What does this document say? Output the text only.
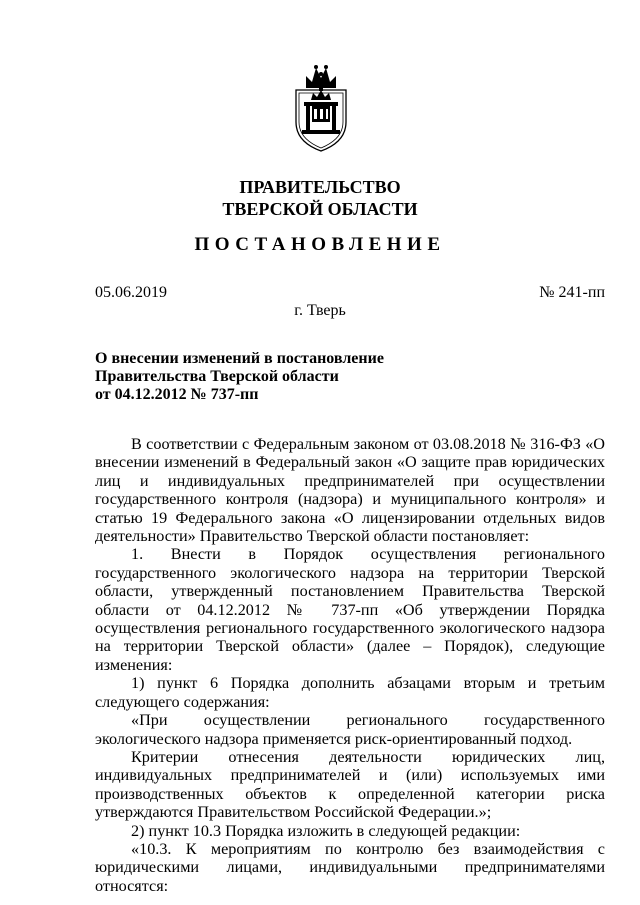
ПРАВИТЕЛЬСТВО
ТВЕРСКОЙ ОБЛАСТИ
ПОСТАНОВЛЕНИЕ
05.06.2019	№ 241-пп
г. Тверь
О внесении изменений в постановление
Правительства Тверской области
от 04.12.2012 № 737-пп

В соответствии с Федеральным законом от 03.08.2018 № 316-ФЗ «О внесении изменений в Федеральный закон «О защите прав юридических лиц и индивидуальных предпринимателей при осуществлении государственного контроля (надзора) и муниципального контроля» и статью 19 Федерального закона «О лицензировании отдельных видов деятельности» Правительство Тверской области постановляет:

1. Внести в Порядок осуществления регионального государственного экологического надзора на территории Тверской области, утвержденный постановлением Правительства Тверской области от 04.12.2012 № 737-пп «Об утверждении Порядка осуществления регионального государственного экологического надзора на территории Тверской области» (далее – Порядок), следующие изменения:

1) пункт 6 Порядка дополнить абзацами вторым и третьим следующего содержания:

«При осуществлении регионального государственного экологического надзора применяется риск-ориентированный подход.

Критерии отнесения деятельности юридических лиц, индивидуальных предпринимателей и (или) используемых ими производственных объектов к определенной категории риска утверждаются Правительством Российской Федерации.»;

2) пункт 10.3 Порядка изложить в следующей редакции:

«10.3. К мероприятиям по контролю без взаимодействия с юридическими лицами, индивидуальными предпринимателями относятся:
